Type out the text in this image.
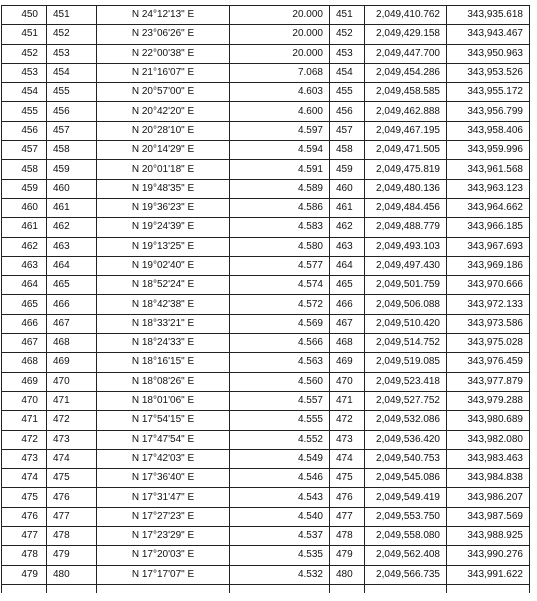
450	451	N 24°12'13" E	20.000	451	2,049,410.762	343,935.618
451	452	N 23°06'26" E	20.000	452	2,049,429.158	343,943.467
452	453	N 22°00'38" E	20.000	453	2,049,447.700	343,950.963
453	454	N 21°16'07" E	7.068	454	2,049,454.286	343,953.526
454	455	N 20°57'00" E	4.603	455	2,049,458.585	343,955.172
455	456	N 20°42'20" E	4.600	456	2,049,462.888	343,956.799
456	457	N 20°28'10" E	4.597	457	2,049,467.195	343,958.406
457	458	N 20°14'29" E	4.594	458	2,049,471.505	343,959.996
458	459	N 20°01'18" E	4.591	459	2,049,475.819	343,961.568
459	460	N 19°48'35" E	4.589	460	2,049,480.136	343,963.123
460	461	N 19°36'23" E	4.586	461	2,049,484.456	343,964.662
461	462	N 19°24'39" E	4.583	462	2,049,488.779	343,966.185
462	463	N 19°13'25" E	4.580	463	2,049,493.103	343,967.693
463	464	N 19°02'40" E	4.577	464	2,049,497.430	343,969.186
464	465	N 18°52'24" E	4.574	465	2,049,501.759	343,970.666
465	466	N 18°42'38" E	4.572	466	2,049,506.088	343,972.133
466	467	N 18°33'21" E	4.569	467	2,049,510.420	343,973.586
467	468	N 18°24'33" E	4.566	468	2,049,514.752	343,975.028
468	469	N 18°16'15" E	4.563	469	2,049,519.085	343,976.459
469	470	N 18°08'26" E	4.560	470	2,049,523.418	343,977.879
470	471	N 18°01'06" E	4.557	471	2,049,527.752	343,979.288
471	472	N 17°54'15" E	4.555	472	2,049,532.086	343,980.689
472	473	N 17°47'54" E	4.552	473	2,049,536.420	343,982.080
473	474	N 17°42'03" E	4.549	474	2,049,540.753	343,983.463
474	475	N 17°36'40" E	4.546	475	2,049,545.086	343,984.838
475	476	N 17°31'47" E	4.543	476	2,049,549.419	343,986.207
476	477	N 17°27'23" E	4.540	477	2,049,553.750	343,987.569
477	478	N 17°23'29" E	4.537	478	2,049,558.080	343,988.925
478	479	N 17°20'03" E	4.535	479	2,049,562.408	343,990.276
479	480	N 17°17'07" E	4.532	480	2,049,566.735	343,991.622
